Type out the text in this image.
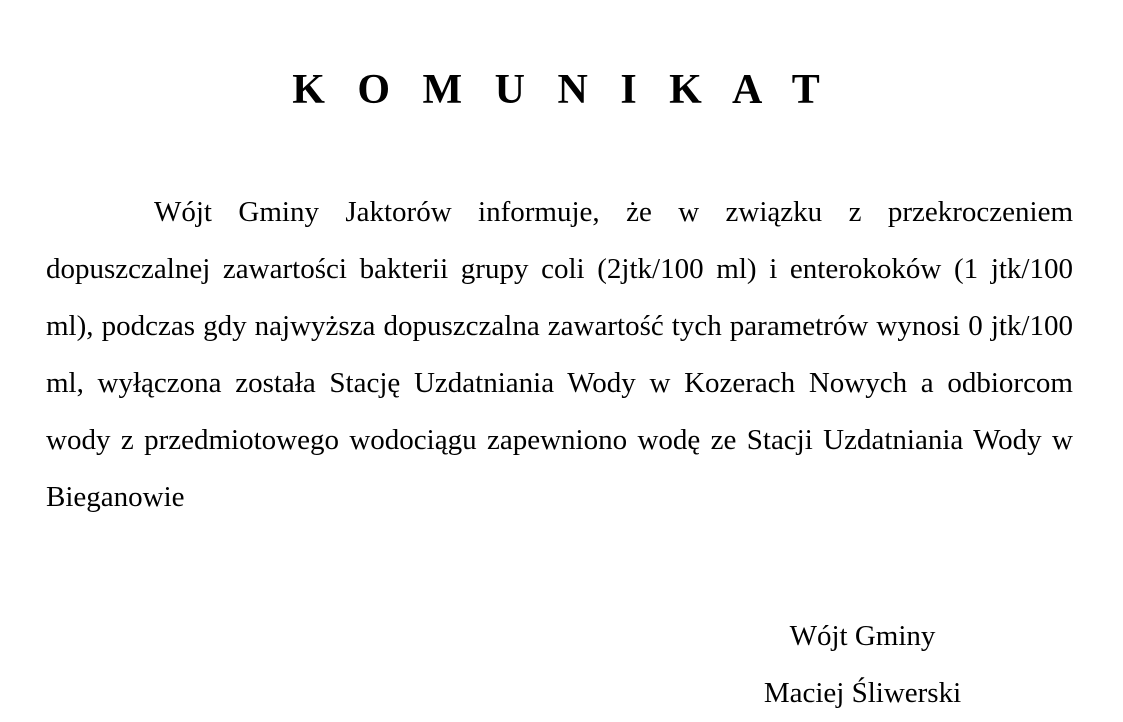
K O M U N I K A T

Wójt Gminy Jaktorów informuje, że w związku z przekroczeniem dopuszczalnej zawartości bakterii grupy coli (2jtk/100 ml) i enterokoków (1 jtk/100 ml), podczas gdy najwyższa dopuszczalna zawartość tych parametrów wynosi 0 jtk/100 ml, wyłączona została Stację Uzdatniania Wody w Kozerach Nowych a odbiorcom wody z przedmiotowego wodociągu zapewniono wodę ze Stacji Uzdatniania Wody w Bieganowie

Wójt Gminy
Maciej Śliwerski
